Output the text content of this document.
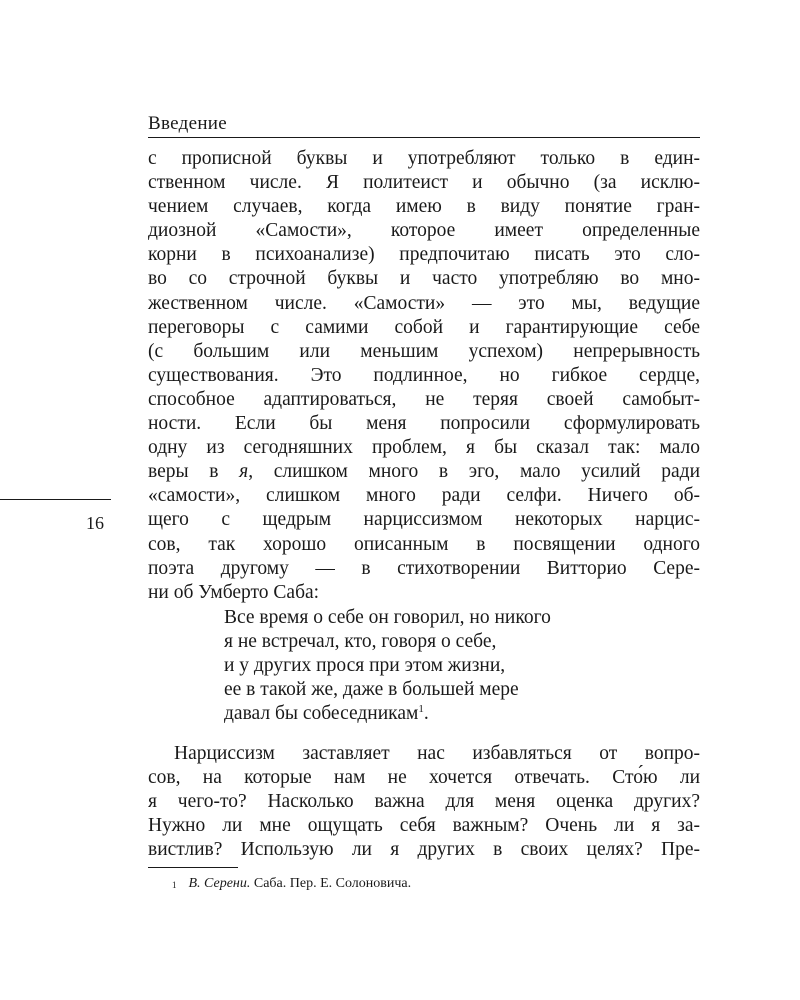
Введение
16
с прописной буквы и употребляют только в един-
ственном числе. Я политеист и обычно (за исклю-
чением случаев, когда имею в виду понятие гран-
диозной «Самости», которое имеет определенные
корни в психоанализе) предпочитаю писать это сло-
во со строчной буквы и часто употребляю во мно-
жественном числе. «Самости» — это мы, ведущие
переговоры с самими собой и гарантирующие себе
(с большим или меньшим успехом) непрерывность
существования. Это подлинное, но гибкое сердце,
способное адаптироваться, не теряя своей самобыт-
ности. Если бы меня попросили сформулировать
одну из сегодняшних проблем, я бы сказал так: мало
веры в я, слишком много в эго, мало усилий ради
«самости», слишком много ради селфи. Ничего об-
щего с щедрым нарциссизмом некоторых нарцис-
сов, так хорошо описанным в посвящении одного
поэта другому — в стихотворении Витторио Сере-
ни об Умберто Саба:
Все время о себе он говорил, но никого
я не встречал, кто, говоря о себе,
и у других прося при этом жизни,
ее в такой же, даже в большей мере
давал бы собеседникам$^1$.
Нарциссизм заставляет нас избавляться от вопро-
сов, на которые нам не хочется отвечать. Сто́ю ли
я чего-то? Насколько важна для меня оценка других?
Нужно ли мне ощущать себя важным? Очень ли я за-
вистлив? Использую ли я других в своих целях? Пре-
$^1$ В. Серени. Саба. Пер. Е. Солоновича.
